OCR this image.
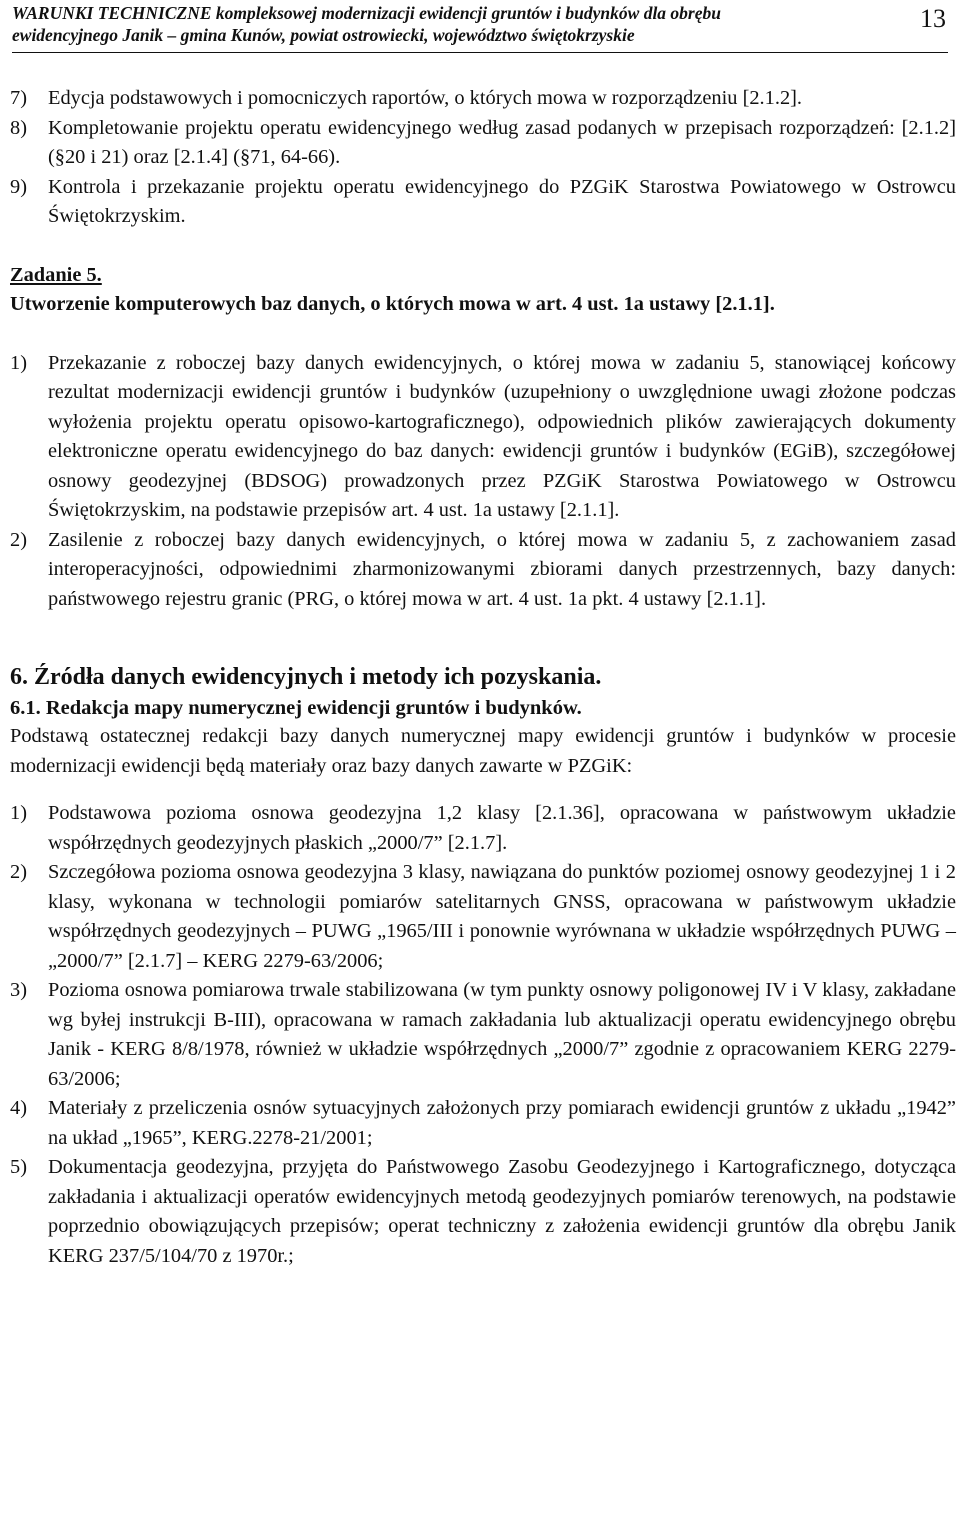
WARUNKI TECHNICZNE kompleksowej modernizacji ewidencji gruntów i budynków dla obrębu
ewidencyjnego Janik – gmina Kunów, powiat ostrowiecki, województwo świętokrzyskie
13
7) Edycja podstawowych i pomocniczych raportów, o których mowa w rozporządzeniu [2.1.2].
8) Kompletowanie projektu operatu ewidencyjnego według zasad podanych w przepisach rozporządzeń: [2.1.2] (§20 i 21) oraz [2.1.4] (§71, 64-66).
9) Kontrola i przekazanie projektu operatu ewidencyjnego do PZGiK Starostwa Powiatowego w Ostrowcu Świętokrzyskim.

Zadanie 5.

Utworzenie komputerowych baz danych, o których mowa w art. 4 ust. 1a ustawy [2.1.1].

1) Przekazanie z roboczej bazy danych ewidencyjnych, o której mowa w zadaniu 5, stanowiącej końcowy rezultat modernizacji ewidencji gruntów i budynków (uzupełniony o uwzględnione uwagi złożone podczas wyłożenia projektu operatu opisowo-kartograficznego), odpowiednich plików zawierających dokumenty elektroniczne operatu ewidencyjnego do baz danych: ewidencji gruntów i budynków (EGiB), szczegółowej osnowy geodezyjnej (BDSOG) prowadzonych przez PZGiK Starostwa Powiatowego w Ostrowcu Świętokrzyskim, na podstawie przepisów art. 4 ust. 1a ustawy [2.1.1].
2) Zasilenie z roboczej bazy danych ewidencyjnych, o której mowa w zadaniu 5, z zachowaniem zasad interoperacyjności, odpowiednimi zharmonizowanymi zbiorami danych przestrzennych, bazy danych: państwowego rejestru granic (PRG, o której mowa w art. 4 ust. 1a pkt. 4 ustawy [2.1.1].

6. Źródła danych ewidencyjnych i metody ich pozyskania.

6.1. Redakcja mapy numerycznej ewidencji gruntów i budynków.

Podstawą ostatecznej redakcji bazy danych numerycznej mapy ewidencji gruntów i budynków w procesie modernizacji ewidencji będą materiały oraz bazy danych zawarte w PZGiK:

1) Podstawowa pozioma osnowa geodezyjna 1,2 klasy [2.1.36], opracowana w państwowym układzie współrzędnych geodezyjnych płaskich „2000/7” [2.1.7].
2) Szczegółowa pozioma osnowa geodezyjna 3 klasy, nawiązana do punktów poziomej osnowy geodezyjnej 1 i 2 klasy, wykonana w technologii pomiarów satelitarnych GNSS, opracowana w państwowym układzie współrzędnych geodezyjnych – PUWG „1965/III i ponownie wyrównana w układzie współrzędnych PUWG – „2000/7” [2.1.7] – KERG 2279-63/2006;
3) Pozioma osnowa pomiarowa trwale stabilizowana (w tym punkty osnowy poligonowej IV i V klasy, zakładane wg byłej instrukcji B-III), opracowana w ramach zakładania lub aktualizacji operatu ewidencyjnego obrębu Janik - KERG 8/8/1978, również w układzie współrzędnych „2000/7” zgodnie z opracowaniem KERG 2279-63/2006;
4) Materiały z przeliczenia osnów sytuacyjnych założonych przy pomiarach ewidencji gruntów z układu „1942” na układ „1965”, KERG.2278-21/2001;
5) Dokumentacja geodezyjna, przyjęta do Państwowego Zasobu Geodezyjnego i Kartograficznego, dotycząca zakładania i aktualizacji operatów ewidencyjnych metodą geodezyjnych pomiarów terenowych, na podstawie poprzednio obowiązujących przepisów; operat techniczny z założenia ewidencji gruntów dla obrębu Janik KERG 237/5/104/70 z 1970r.;
